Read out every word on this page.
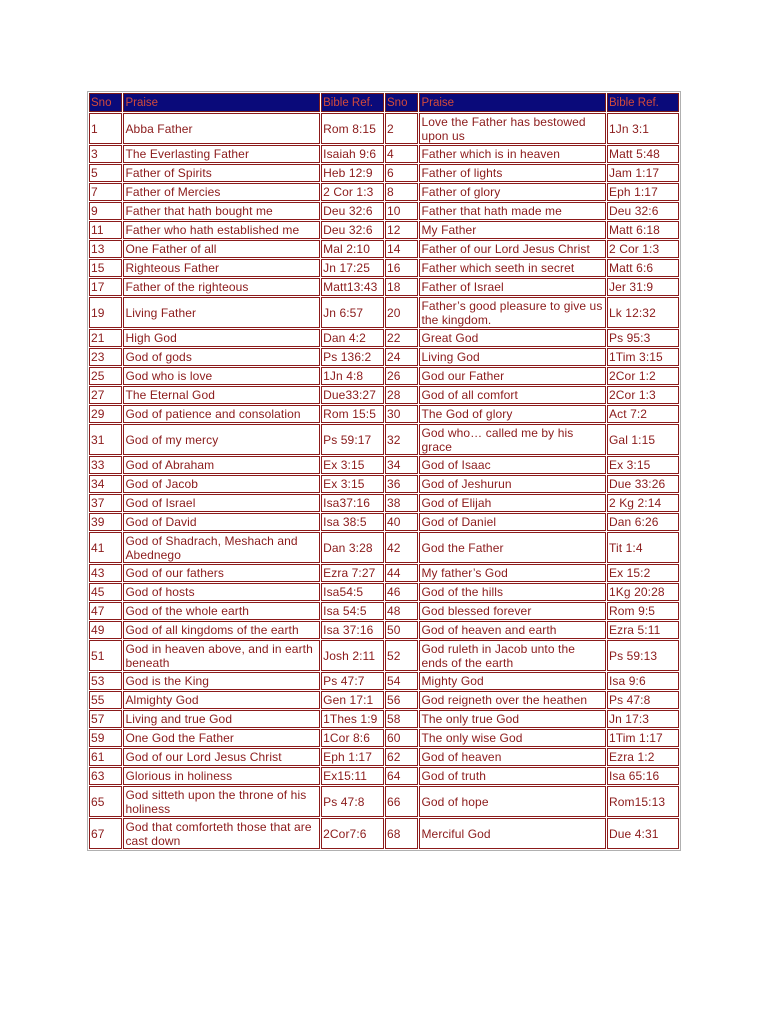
Sno	Praise	Bible Ref.	Sno	Praise	Bible Ref.
1	Abba Father	Rom 8:15	2	Love the Father has bestowed upon us	1Jn 3:1
3	The Everlasting Father	Isaiah 9:6	4	Father which is in heaven	Matt 5:48
5	Father of Spirits	Heb 12:9	6	Father of lights	Jam 1:17
7	Father of Mercies	2 Cor 1:3	8	Father of glory	Eph 1:17
9	Father that hath bought me	Deu 32:6	10	Father that hath made me	Deu 32:6
11	Father who hath established me	Deu 32:6	12	My Father	Matt 6:18
13	One Father of all	Mal 2:10	14	Father of our Lord Jesus Christ	2 Cor 1:3
15	Righteous Father	Jn 17:25	16	Father which seeth in secret	Matt 6:6
17	Father of the righteous	Matt13:43	18	Father of Israel	Jer 31:9
19	Living Father	Jn 6:57	20	Father’s good pleasure to give us the kingdom.	Lk 12:32
21	High God	Dan 4:2	22	Great God	Ps 95:3
23	God of gods	Ps 136:2	24	Living God	1Tim 3:15
25	God who is love	1Jn 4:8	26	God our Father	2Cor 1:2
27	The Eternal God	Due33:27	28	God of all comfort	2Cor 1:3
29	God of patience and consolation	Rom 15:5	30	The God of glory	Act 7:2
31	God of my mercy	Ps 59:17	32	God who… called me by his grace	Gal 1:15
33	God of Abraham	Ex 3:15	34	God of Isaac	Ex 3:15
34	God of Jacob	Ex 3:15	36	God of Jeshurun	Due 33:26
37	God of Israel	Isa37:16	38	God of Elijah	2 Kg 2:14
39	God of David	Isa 38:5	40	God of Daniel	Dan 6:26
41	God of Shadrach, Meshach and Abednego	Dan 3:28	42	God the Father	Tit 1:4
43	God of our fathers	Ezra 7:27	44	My father’s God	Ex 15:2
45	God of hosts	Isa54:5	46	God of the hills	1Kg 20:28
47	God of the whole earth	Isa 54:5	48	God blessed forever	Rom 9:5
49	God of all kingdoms of the earth	Isa 37:16	50	God of heaven and earth	Ezra 5:11
51	God in heaven above, and in earth beneath	Josh 2:11	52	God ruleth in Jacob unto the ends of the earth	Ps 59:13
53	God is the King	Ps 47:7	54	Mighty God	Isa 9:6
55	Almighty God	Gen 17:1	56	God reigneth over the heathen	Ps 47:8
57	Living and true God	1Thes 1:9	58	The only true God	Jn 17:3
59	One God the Father	1Cor 8:6	60	The only wise God	1Tim 1:17
61	God of our Lord Jesus Christ	Eph 1:17	62	God of heaven	Ezra 1:2
63	Glorious in holiness	Ex15:11	64	God of truth	Isa 65:16
65	God sitteth upon the throne of his holiness	Ps 47:8	66	God of hope	Rom15:13
67	God that comforteth those that are cast down	2Cor7:6	68	Merciful God	Due 4:31
